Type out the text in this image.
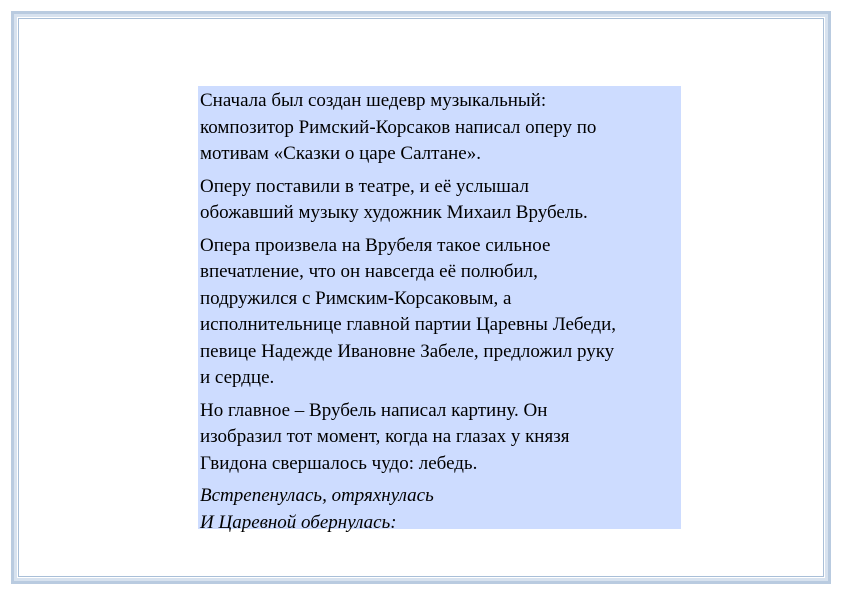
Сначала был создан шедевр музыкальный:
композитор Римский-Корсаков написал оперу по
мотивам «Сказки о царе Салтане».

Оперу поставили в театре, и её услышал
обожавший музыку художник Михаил Врубель.

Опера произвела на Врубеля такое сильное
впечатление, что он навсегда её полюбил,
подружился с Римским-Корсаковым, а
исполнительнице главной партии Царевны Лебеди,
певице Надежде Ивановне Забеле, предложил руку
и сердце.

Но главное – Врубель написал картину. Он
изобразил тот момент, когда на глазах у князя
Гвидона свершалось чудо: лебедь.

Встрепенулась, отряхнулась
И Царевной обернулась:
